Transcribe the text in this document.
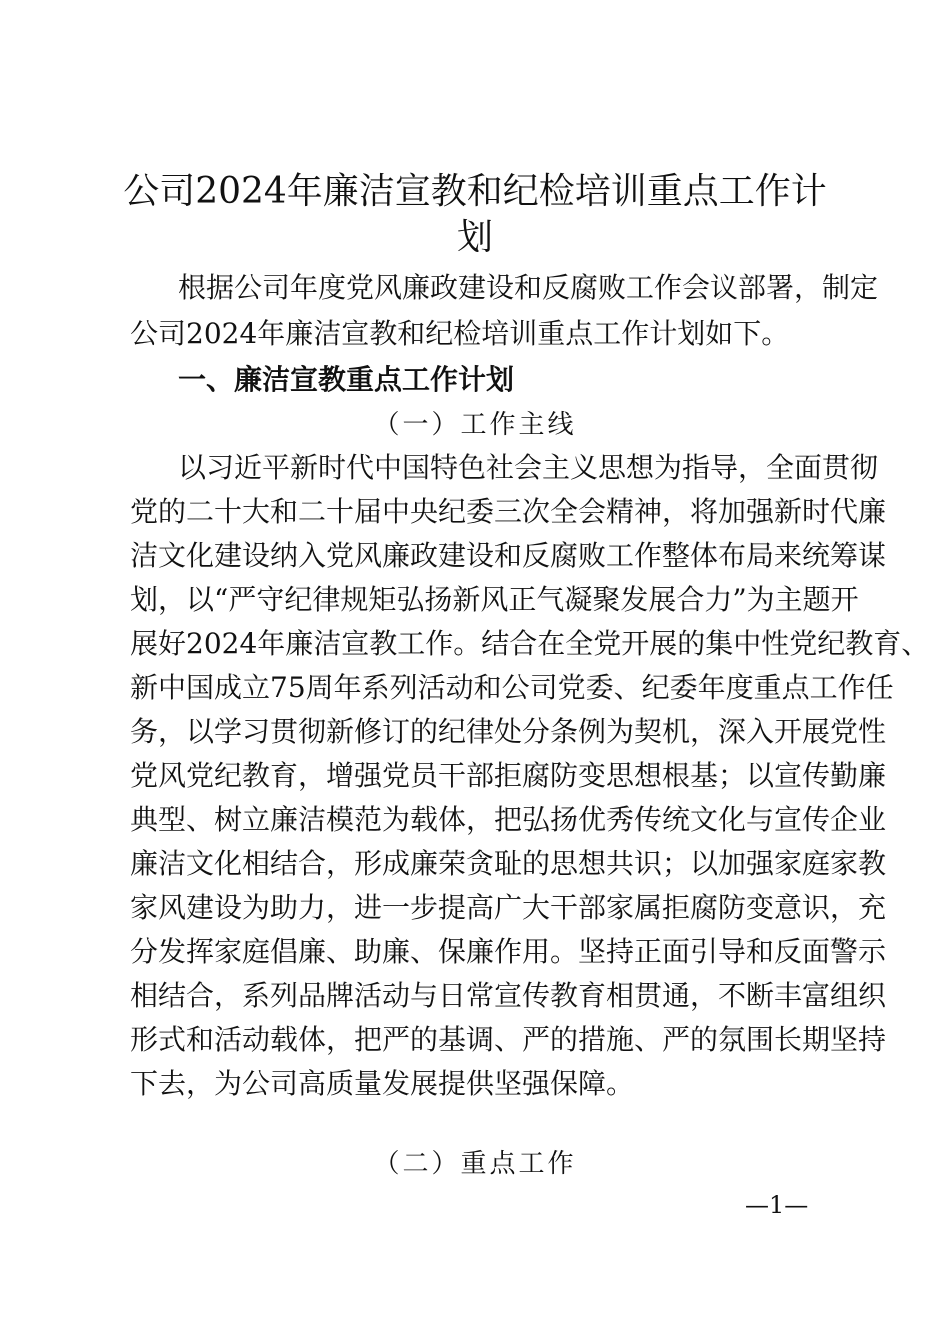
公司2024年廉洁宣教和纪检培训重点工作计
划
根据公司年度党风廉政建设和反腐败工作会议部署，制定
公司2024年廉洁宣教和纪检培训重点工作计划如下。
一、廉洁宣教重点工作计划
（一）工作主线
以习近平新时代中国特色社会主义思想为指导，全面贯彻
党的二十大和二十届中央纪委三次全会精神，将加强新时代廉
洁文化建设纳入党风廉政建设和反腐败工作整体布局来统筹谋
划，以“严守纪律规矩弘扬新风正气凝聚发展合力”为主题开
展好2024年廉洁宣教工作。结合在全党开展的集中性党纪教育、
新中国成立75周年系列活动和公司党委、纪委年度重点工作任
务，以学习贯彻新修订的纪律处分条例为契机，深入开展党性
党风党纪教育，增强党员干部拒腐防变思想根基；以宣传勤廉
典型、树立廉洁模范为载体，把弘扬优秀传统文化与宣传企业
廉洁文化相结合，形成廉荣贪耻的思想共识；以加强家庭家教
家风建设为助力，进一步提高广大干部家属拒腐防变意识，充
分发挥家庭倡廉、助廉、保廉作用。坚持正面引导和反面警示
相结合，系列品牌活动与日常宣传教育相贯通，不断丰富组织
形式和活动载体，把严的基调、严的措施、严的氛围长期坚持
下去，为公司高质量发展提供坚强保障。
（二）重点工作
—1—
